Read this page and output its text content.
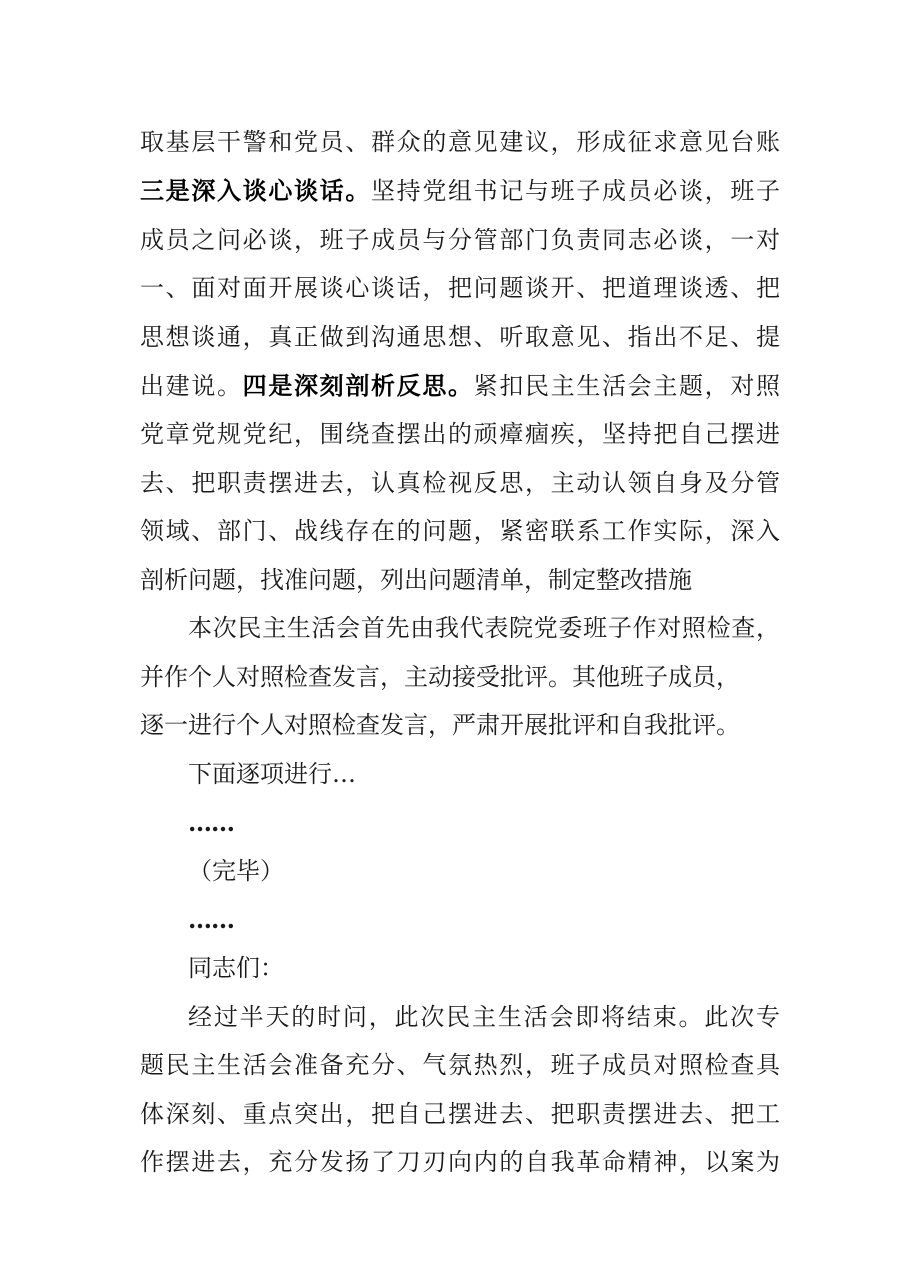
取基层干警和党员、群众的意见建议，形成征求意见台账
三是深入谈心谈话。坚持党组书记与班子成员必谈，班子
成员之问必谈，班子成员与分管部门负责同志必谈，一对
一、面对面开展谈心谈话，把问题谈开、把道理谈透、把
思想谈通，真正做到沟通思想、听取意见、指出不足、提
出建说。四是深刻剖析反思。紧扣民主生活会主题，对照
党章党规党纪，围绕查摆出的顽瘴痼疾，坚持把自己摆进
去、把职责摆进去，认真检视反思，主动认领自身及分管
领域、部门、战线存在的问题，紧密联系工作实际，深入
剖析问题，找准问题，列出问题清单，制定整改措施
本次民主生活会首先由我代表院党委班子作对照检查，
并作个人对照检查发言，主动接受批评。其他班子成员，
逐一进行个人对照检查发言，严肃开展批评和自我批评。
下面逐项进行…
……
（完毕）
……
同志们：
经过半天的时问，此次民主生活会即将结束。此次专
题民主生活会准备充分、气氛热烈，班子成员对照检查具
体深刻、重点突出，把自己摆进去、把职责摆进去、把工
作摆进去，充分发扬了刀刃向内的自我革命精神，以案为
